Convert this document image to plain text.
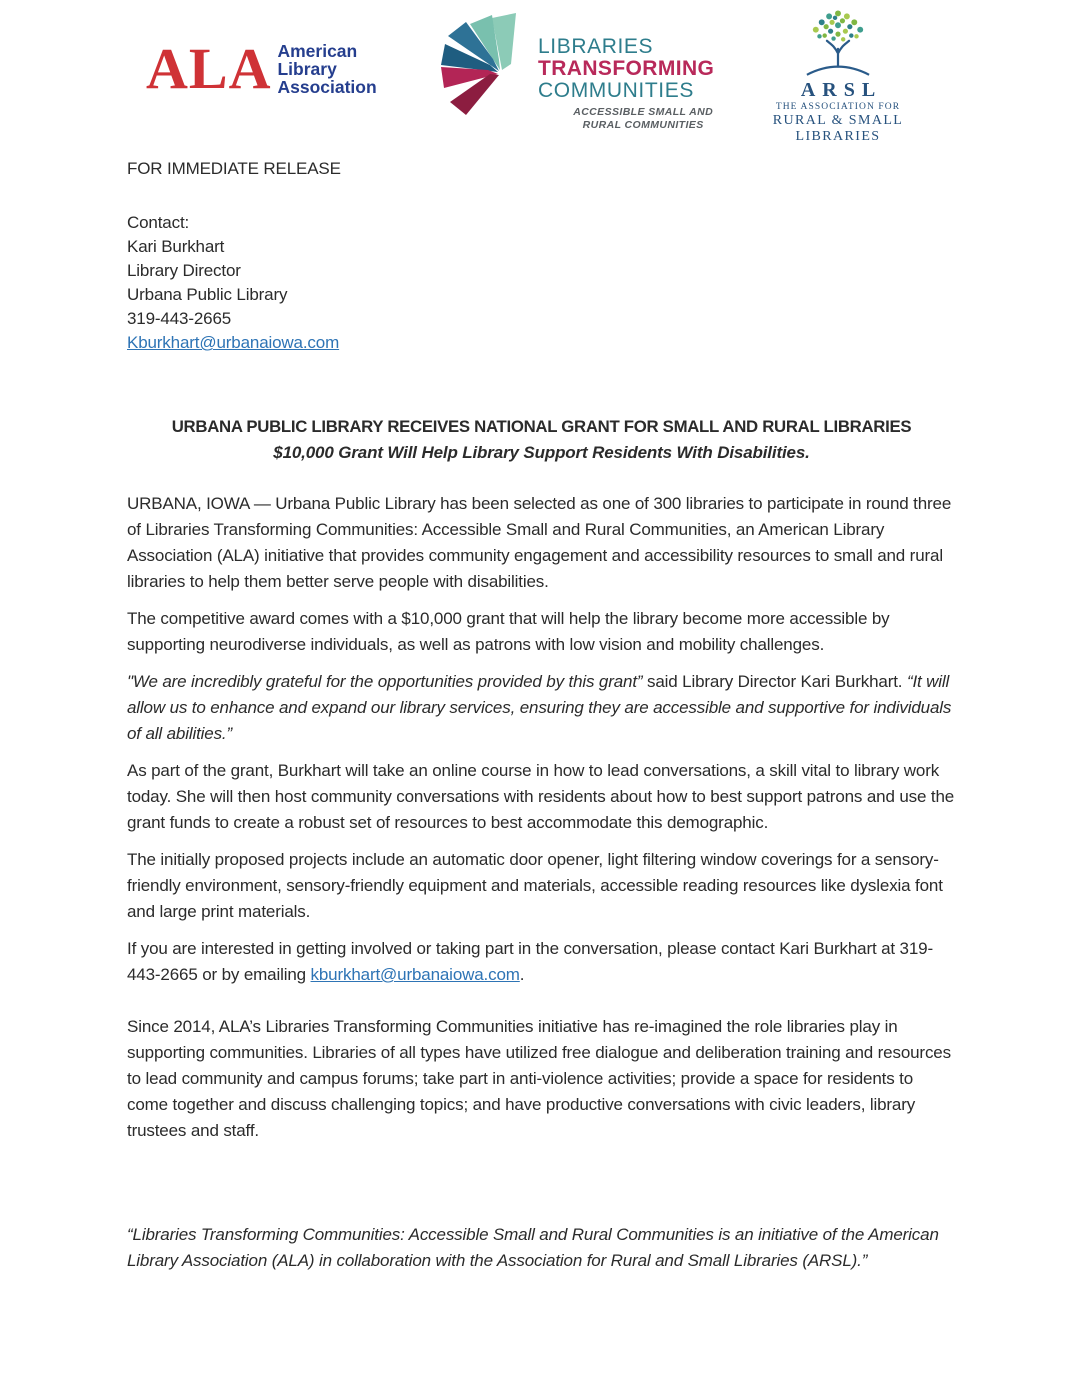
ALA American
Library
Association
LIBRARIES
TRANSFORMING
COMMUNITIES
ACCESSIBLE SMALL AND
RURAL COMMUNITIES
ARSL
THE ASSOCIATION FOR
RURAL & SMALL
LIBRARIES

FOR IMMEDIATE RELEASE

Contact:
Kari Burkhart
Library Director
Urbana Public Library
319-443-2665
Kburkhart@urbanaiowa.com
URBANA PUBLIC LIBRARY RECEIVES NATIONAL GRANT FOR SMALL AND RURAL LIBRARIES
$10,000 Grant Will Help Library Support Residents With Disabilities.

URBANA, IOWA — Urbana Public Library has been selected as one of 300 libraries to participate in round three of Libraries Transforming Communities: Accessible Small and Rural Communities, an American Library Association (ALA) initiative that provides community engagement and accessibility resources to small and rural libraries to help them better serve people with disabilities.

The competitive award comes with a $10,000 grant that will help the library become more accessible by supporting neurodiverse individuals, as well as patrons with low vision and mobility challenges.

"We are incredibly grateful for the opportunities provided by this grant” said Library Director Kari Burkhart. “It will allow us to enhance and expand our library services, ensuring they are accessible and supportive for individuals of all abilities.”

As part of the grant, Burkhart will take an online course in how to lead conversations, a skill vital to library work today. She will then host community conversations with residents about how to best support patrons and use the grant funds to create a robust set of resources to best accommodate this demographic.

The initially proposed projects include an automatic door opener, light filtering window coverings for a sensory-friendly environment, sensory-friendly equipment and materials, accessible reading resources like dyslexia font and large print materials.

If you are interested in getting involved or taking part in the conversation, please contact Kari Burkhart at 319-443-2665 or by emailing kburkhart@urbanaiowa.com.

Since 2014, ALA’s Libraries Transforming Communities initiative has re-imagined the role libraries play in supporting communities. Libraries of all types have utilized free dialogue and deliberation training and resources to lead community and campus forums; take part in anti-violence activities; provide a space for residents to come together and discuss challenging topics; and have productive conversations with civic leaders, library trustees and staff.

“Libraries Transforming Communities: Accessible Small and Rural Communities is an initiative of the American Library Association (ALA) in collaboration with the Association for Rural and Small Libraries (ARSL).”
